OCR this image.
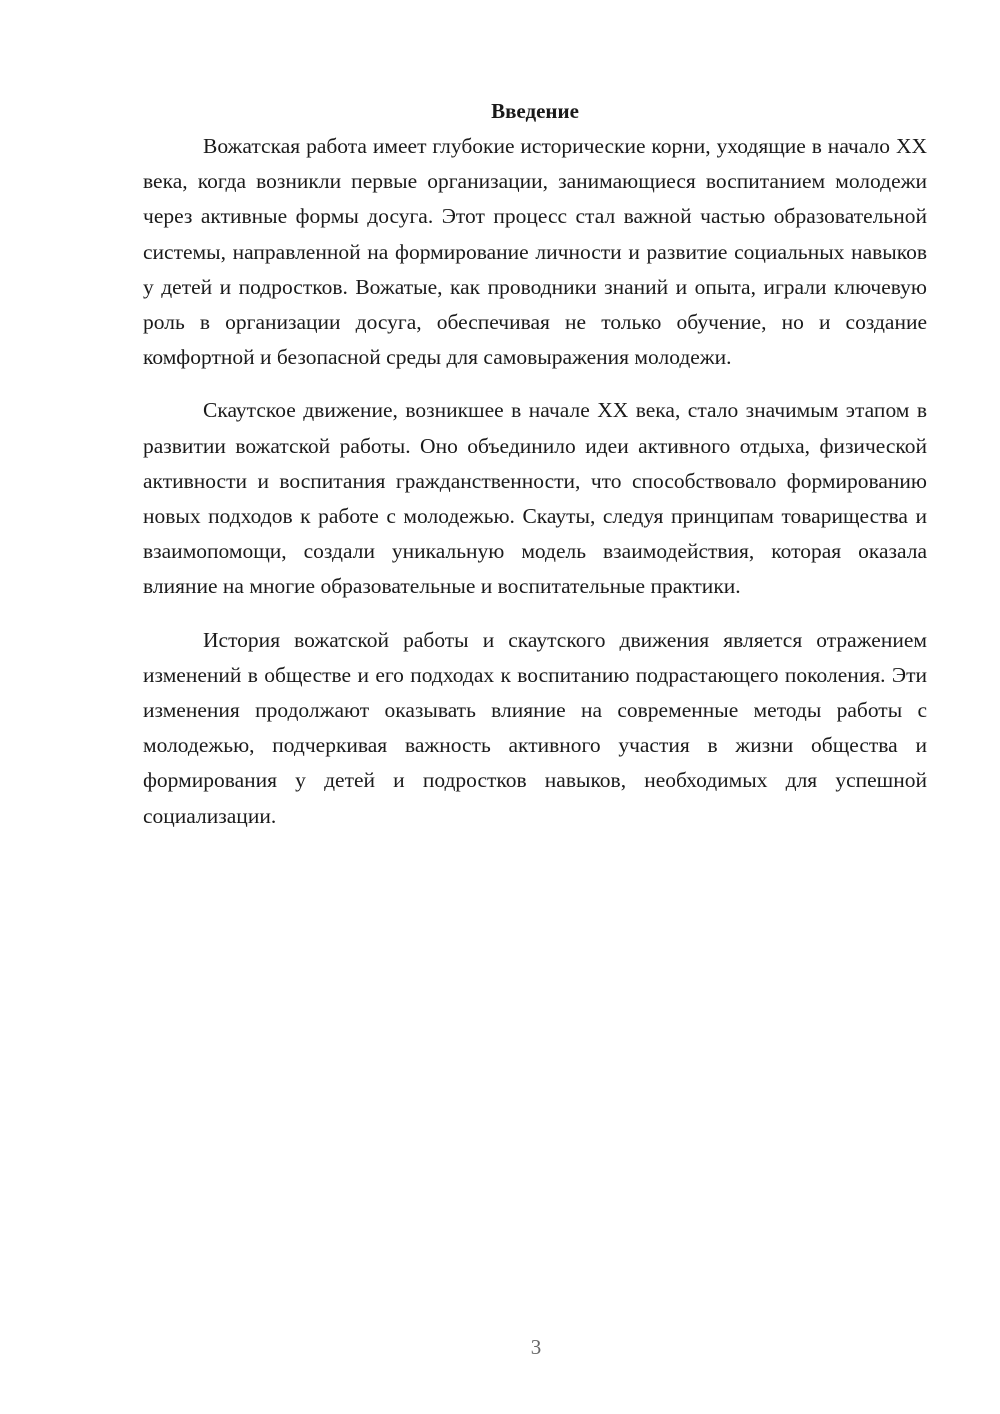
Введение

Вожатская работа имеет глубокие исторические корни, уходящие в начало XX века, когда возникли первые организации, занимающиеся воспитанием молодежи через активные формы досуга. Этот процесс стал важной частью образовательной системы, направленной на формирование личности и развитие социальных навыков у детей и подростков. Вожатые, как проводники знаний и опыта, играли ключевую роль в организации досуга, обеспечивая не только обучение, но и создание комфортной и безопасной среды для самовыражения молодежи.

Скаутское движение, возникшее в начале XX века, стало значимым этапом в развитии вожатской работы. Оно объединило идеи активного отдыха, физической активности и воспитания гражданственности, что способствовало формированию новых подходов к работе с молодежью. Скауты, следуя принципам товарищества и взаимопомощи, создали уникальную модель взаимодействия, которая оказала влияние на многие образовательные и воспитательные практики.

История вожатской работы и скаутского движения является отражением изменений в обществе и его подходах к воспитанию подрастающего поколения. Эти изменения продолжают оказывать влияние на современные методы работы с молодежью, подчеркивая важность активного участия в жизни общества и формирования у детей и подростков навыков, необходимых для успешной социализации.

3
